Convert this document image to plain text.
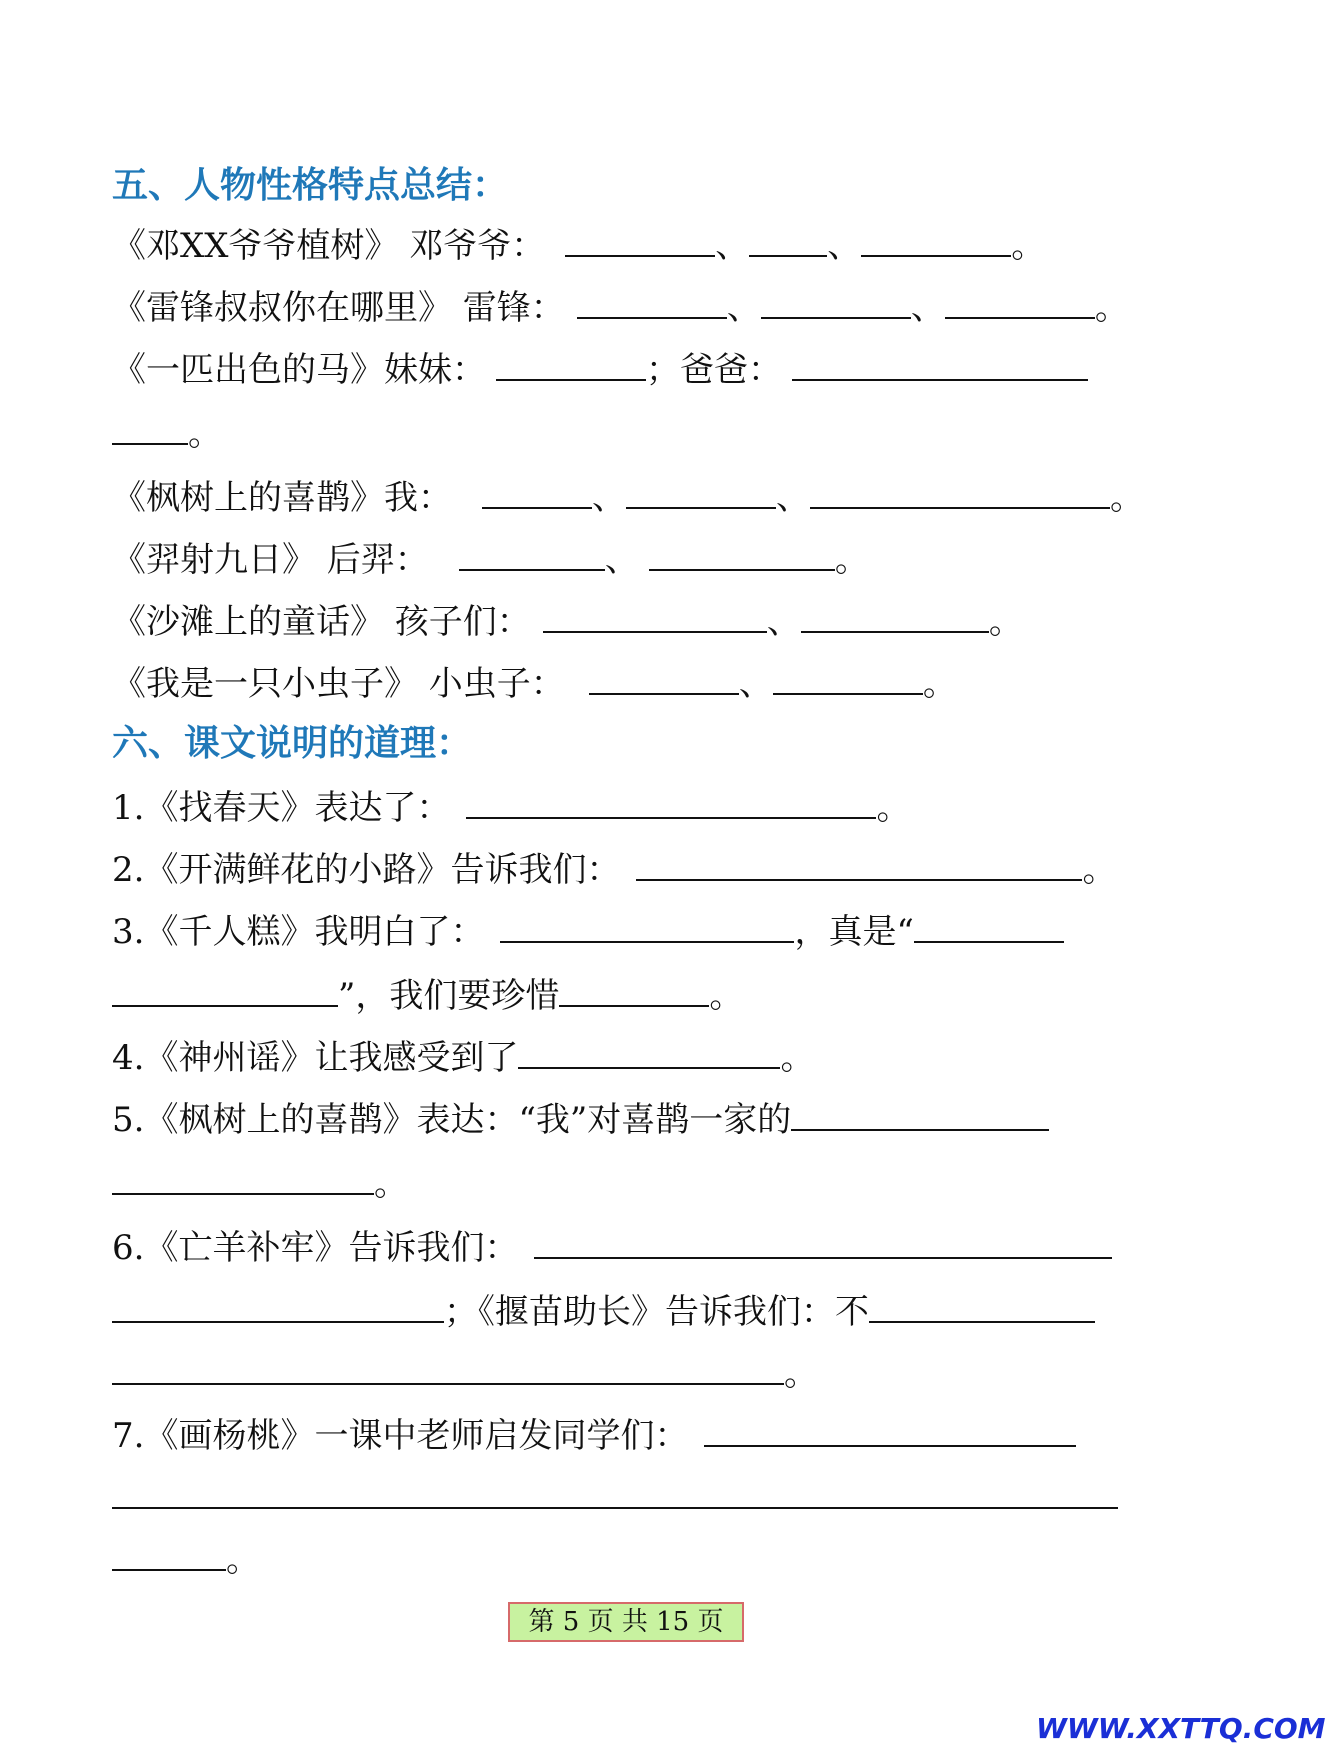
五、人物性格特点总结：
《邓XX爷爷植树》 邓爷爷：	、 、	。
《雷锋叔叔你在哪里》 雷锋：	、	、	。
《一匹出色的马》妹妹：	；爸爸：
。
《枫树上的喜鹊》我：	、	、	。
《羿射九日》 后羿：	、	。
《沙滩上的童话》 孩子们：	、	。
《我是一只小虫子》 小虫子：	、	。
六、课文说明的道理：
1.《找春天》表达了：	。
2.《开满鲜花的小路》告诉我们：	。
3.《千人糕》我明白了：	，真是“
”，我们要珍惜	。
4.《神州谣》让我感受到了	。
5.《枫树上的喜鹊》表达：“我”对喜鹊一家的
。
6.《亡羊补牢》告诉我们：
；《揠苗助长》告诉我们：不
。
7.《画杨桃》一课中老师启发同学们：
。
第 5 页 共 15 页
WWW.XXTTQ.COM
